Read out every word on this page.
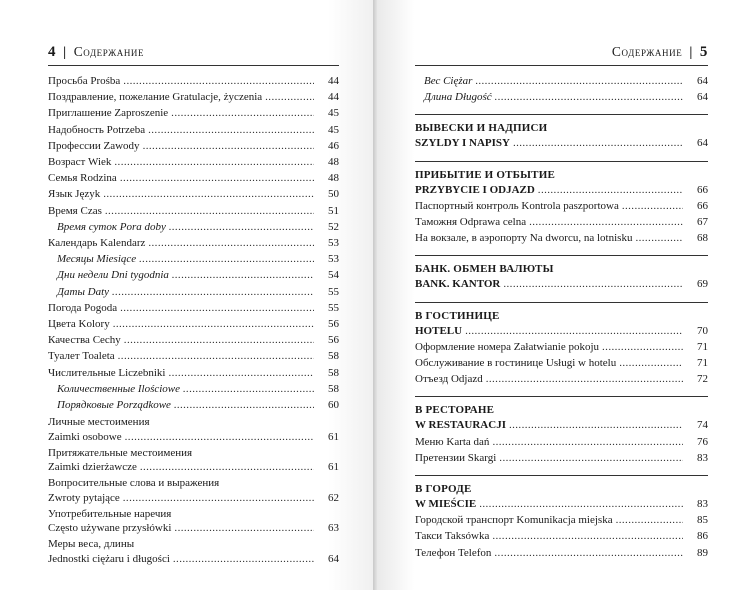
4 | Содержание
Просьба Prośba .....	44
Поздравление, пожелание Gratulacje, życzenia .....	44
Приглашение Zaproszenie .....	45
Надобность Potrzeba .....	45
Профессии Zawody .....	46
Возраст Wiek .....	48
Семья Rodzina .....	48
Язык Język .....	50
Время Czas .....	51
Время суток Pora doby .....	52
Календарь Kalendarz .....	53
Месяцы Miesiące .....	53
Дни недели Dni tygodnia .....	54
Даты Daty .....	55
Погода Pogoda .....	55
Цвета Kolory .....	56
Качества Cechy .....	56
Туалет Toaleta .....	58
Числительные Liczebniki .....	58
Количественные Ilościowe .....	58
Порядковые Porządkowe .....	60
Личные местоимения
Zaimki osobowe .....	61
Притяжательные местоимения
Zaimki dzierżawcze .....	61
Вопросительные слова и выражения
Zwroty pytające .....	62
Употребительные наречия
Często używane przysłówki .....	63
Меры веса, длины
Jednostki ciężaru i długości .....	64
Содержание | 5
Вес Ciężar .....	64
Длина Długość .....	64
ВЫВЕСКИ И НАДПИСИ
SZYLDY I NAPISY .....	64
ПРИБЫТИЕ И ОТБЫТИЕ
PRZYBYCIE I ODJAZD .....	66
Паспортный контроль Kontrola paszportowa .....	66
Таможня Odprawa celna .....	67
На вокзале, в аэропорту Na dworcu, na lotnisku .....	68
БАНК. ОБМЕН ВАЛЮТЫ
BANK. KANTOR .....	69
В ГОСТИНИЦЕ
HOTELU .....	70
Оформление номера Załatwianie pokoju .....	71
Обслуживание в гостинице Usługi w hotelu .....	71
Отъезд Odjazd .....	72
В РЕСТОРАНЕ
W RESTAURACJI .....	74
Меню Karta dań .....	76
Претензии Skargi .....	83
В ГОРОДЕ
W MIEŚCIE .....	83
Городской транспорт Komunikacja miejska .....	85
Такси Taksówka .....	86
Телефон Telefon .....	89
